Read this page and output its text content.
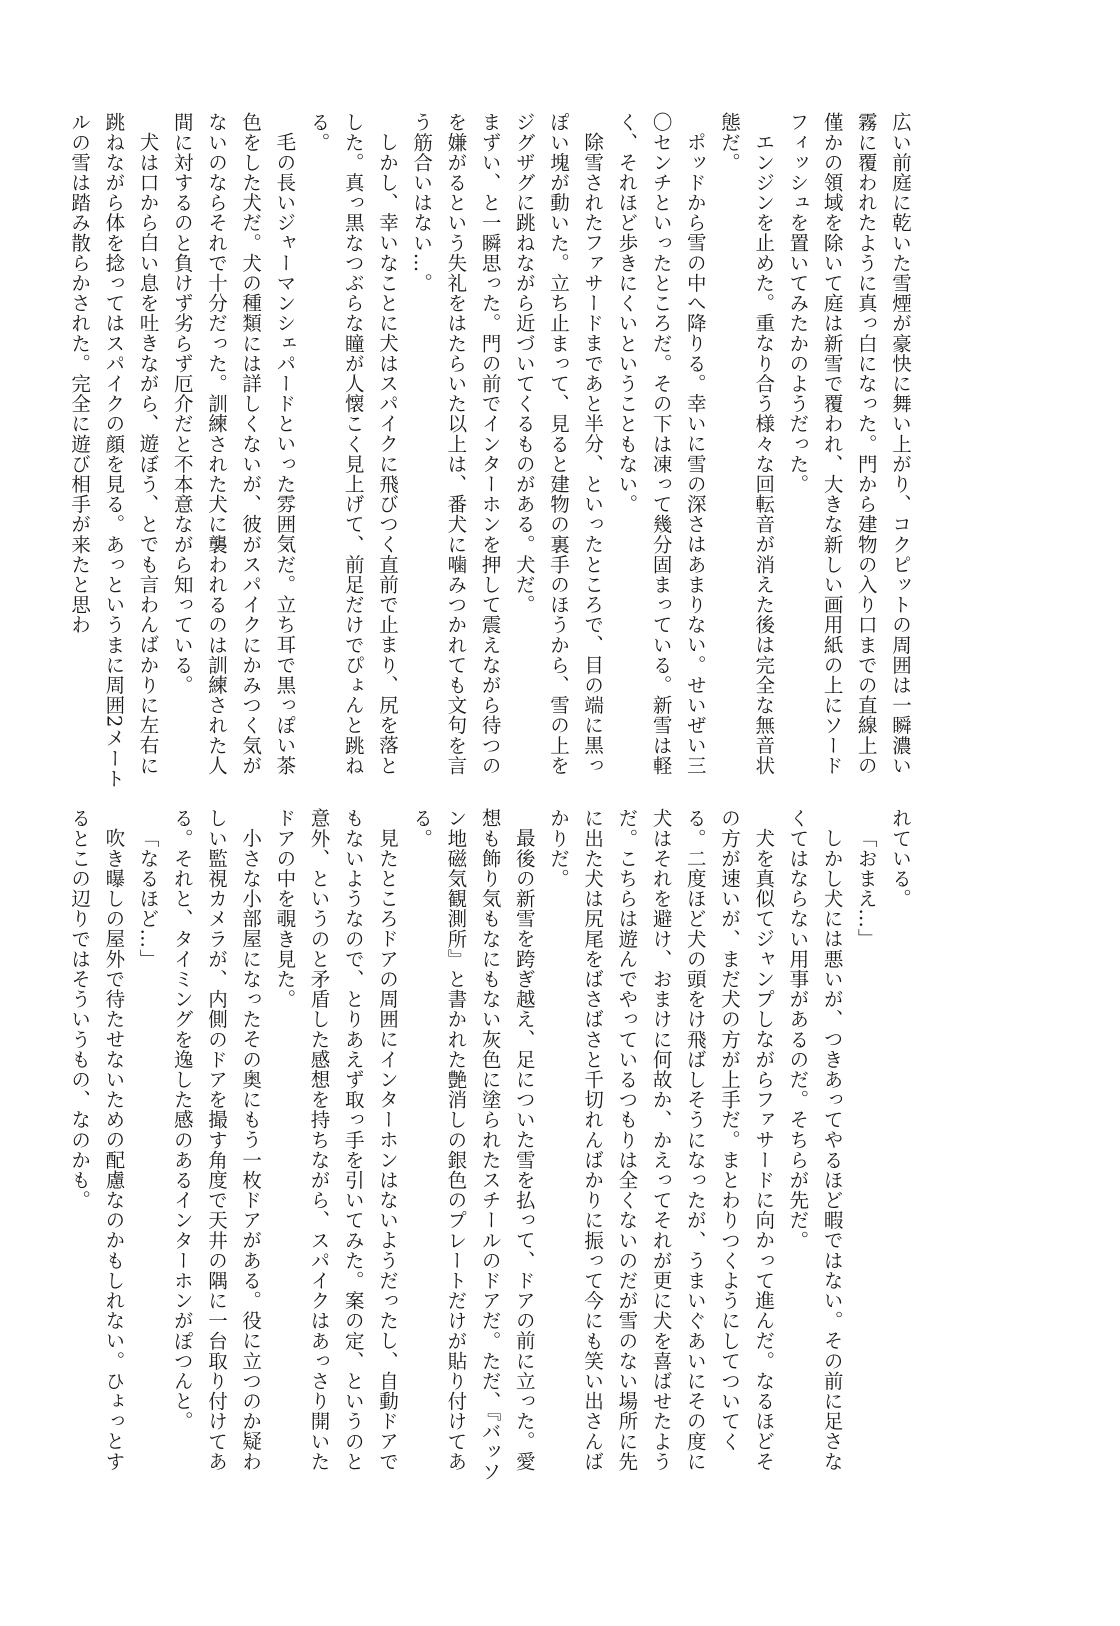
広い前庭に乾いた雪煙が豪快に舞い上がり、コクピットの周囲は一瞬濃い霧に覆われたように真っ白になった。門から建物の入り口までの直線上の僅かの領域を除いて庭は新雪で覆われ、大きな新しい画用紙の上にソードフィッシュを置いてみたかのようだった。

エンジンを止めた。重なり合う様々な回転音が消えた後は完全な無音状態だ。

ポッドから雪の中へ降りる。幸いに雪の深さはあまりない。せいぜい三〇センチといったところだ。その下は凍って幾分固まっている。新雪は軽く、それほど歩きにくいということもない。

除雪されたファサードまであと半分、といったところで、目の端に黒っぽい塊が動いた。立ち止まって、見ると建物の裏手のほうから、雪の上をジグザグに跳ねながら近づいてくるものがある。犬だ。

まずい、と一瞬思った。門の前でインターホンを押して震えながら待つのを嫌がるという失礼をはたらいた以上は、番犬に噛みつかれても文句を言う筋合いはない…。

しかし、幸いなことに犬はスパイクに飛びつく直前で止まり、尻を落とした。真っ黒なつぶらな瞳が人懐こく見上げて、前足だけでぴょんと跳ねる。

毛の長いジャーマンシェパードといった雰囲気だ。立ち耳で黒っぽい茶色をした犬だ。犬の種類には詳しくないが、彼がスパイクにかみつく気がないのならそれで十分だった。訓練された犬に襲われるのは訓練された人間に対するのと負けず劣らず厄介だと不本意ながら知っている。

犬は口から白い息を吐きながら、遊ぼう、とでも言わんばかりに左右に跳ねながら体を捻ってはスパイクの顔を見る。あっというまに周囲2メートルの雪は踏み散らかされた。完全に遊び相手が来たと思わ

れている。

「おまえ…」

しかし犬には悪いが、つきあってやるほど暇ではない。その前に足さなくてはならない用事があるのだ。そちらが先だ。

犬を真似てジャンプしながらファサードに向かって進んだ。なるほどその方が速いが、まだ犬の方が上手だ。まとわりつくようにしてついてくる。二度ほど犬の頭をけ飛ばしそうになったが、うまいぐあいにその度に犬はそれを避け、おまけに何故か、かえってそれが更に犬を喜ばせたようだ。こちらは遊んでやっているつもりは全くないのだが雪のない場所に先に出た犬は尻尾をばさばさと千切れんばかりに振って今にも笑い出さんばかりだ。

最後の新雪を跨ぎ越え、足についた雪を払って、ドアの前に立った。愛想も飾り気もなにもない灰色に塗られたスチールのドアだ。ただ、『バッソン地磁気観測所』と書かれた艶消しの銀色のプレートだけが貼り付けてある。

見たところドアの周囲にインターホンはないようだったし、自動ドアでもないようなので、とりあえず取っ手を引いてみた。案の定、というのと意外、というのと矛盾した感想を持ちながら、スパイクはあっさり開いたドアの中を覗き見た。

小さな小部屋になったその奥にもう一枚ドアがある。役に立つのか疑わしい監視カメラが、内側のドアを撮す角度で天井の隅に一台取り付けてある。それと、タイミングを逸した感のあるインターホンがぽつんと。

「なるほど…」

吹き曝しの屋外で待たせないための配慮なのかもしれない。ひょっとするとこの辺りではそういうもの、なのかも。
